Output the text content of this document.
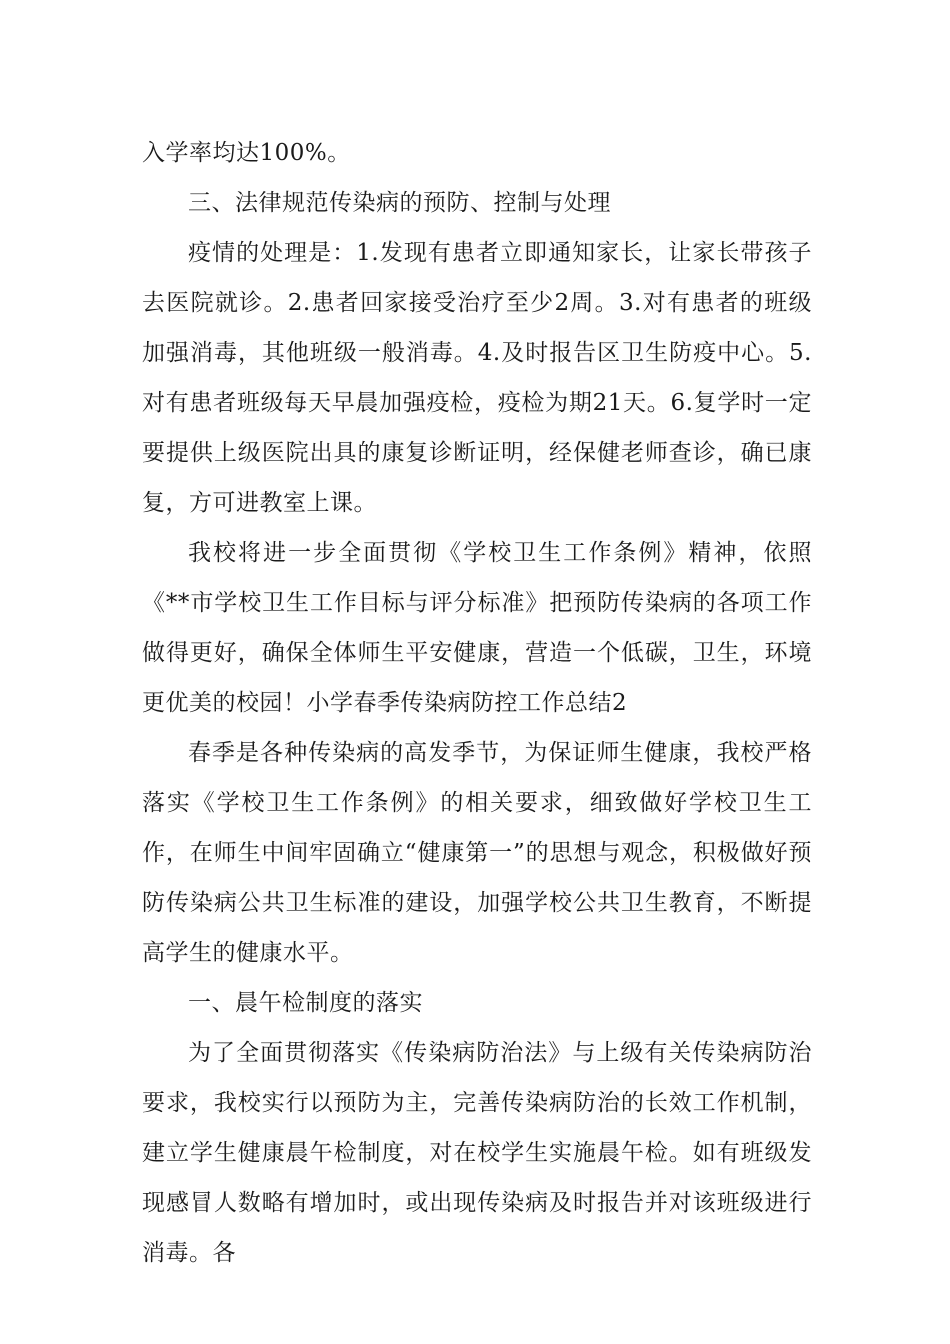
入学率均达100%。

三、法律规范传染病的预防、控制与处理

疫情的处理是：1.发现有患者立即通知家长，让家长带孩子去医院就诊。2.患者回家接受治疗至少2周。3.对有患者的班级加强消毒，其他班级一般消毒。4.及时报告区卫生防疫中心。5.对有患者班级每天早晨加强疫检，疫检为期21天。6.复学时一定要提供上级医院出具的康复诊断证明，经保健老师查诊，确已康复，方可进教室上课。

我校将进一步全面贯彻《学校卫生工作条例》精神，依照《**市学校卫生工作目标与评分标准》把预防传染病的各项工作做得更好，确保全体师生平安健康，营造一个低碳，卫生，环境更优美的校园！小学春季传染病防控工作总结2

春季是各种传染病的高发季节，为保证师生健康，我校严格落实《学校卫生工作条例》的相关要求，细致做好学校卫生工作，在师生中间牢固确立“健康第一”的思想与观念，积极做好预防传染病公共卫生标准的建设，加强学校公共卫生教育，不断提高学生的健康水平。

一、晨午检制度的落实

为了全面贯彻落实《传染病防治法》与上级有关传染病防治要求，我校实行以预防为主，完善传染病防治的长效工作机制，建立学生健康晨午检制度，对在校学生实施晨午检。如有班级发现感冒人数略有增加时，或出现传染病及时报告并对该班级进行消毒。各
